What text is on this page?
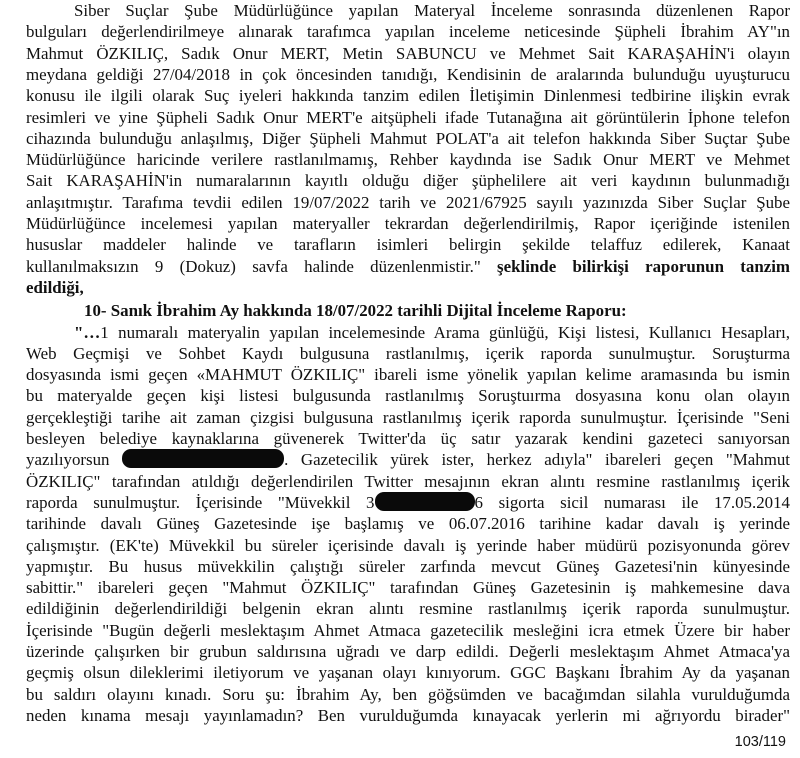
Siber Suçlar Şube Müdürlüğünce yapılan Materyal İnceleme sonrasında düzenlenen Rapor
bulguları değerlendirilmeye alınarak tarafımca yapılan inceleme neticesinde Şüpheli İbrahim AY"ın
Mahmut ÖZKILIÇ, Sadık Onur MERT, Metin SABUNCU ve Mehmet Sait KARAŞAHİN'i olayın
meydana geldiği 27/04/2018 in çok öncesinden tanıdığı, Kendisinin de aralarında bulunduğu uyuşturucu
konusu ile ilgili olarak Suç iyeleri hakkında tanzim edilen İletişimin Dinlenmesi tedbirine ilişkin evrak
resimleri ve yine Şüpheli Sadık Onur MERT'e aitşüpheli ifade Tutanağına ait görüntülerin İphone telefon
cihazında bulunduğu anlaşılmış, Diğer Şüpheli Mahmut POLAT'a ait telefon hakkında Siber Suçtar Şube
Müdürlüğünce haricinde verilere rastlanılmamış, Rehber kaydında ise Sadık Onur MERT ve Mehmet
Sait KARAŞAHİN'in numaralarının kayıtlı olduğu diğer şüphelilere ait veri kaydının bulunmadığı
anlaşıtmıştır. Tarafıma tevdii edilen 19/07/2022 tarih ve 2021/67925 sayılı yazınızda Siber Suçlar Şube
Müdürlüğünce incelemesi yapılan materyaller tekrardan değerlendirilmiş, Rapor içeriğinde istenilen
hususlar maddeler halinde ve tarafların isimleri belirgin şekilde telaffuz edilerek, Kanaat
kullanılmaksızın 9 (Dokuz) savfa halinde düzenlenmistir." şeklinde bilirkişi raporunun tanzim
edildiği,
10- Sanık İbrahim Ay hakkında 18/07/2022 tarihli Dijital İnceleme Raporu:
"…1 numaralı materyalin yapılan incelemesinde Arama günlüğü, Kişi listesi, Kullanıcı Hesapları,
Web Geçmişi ve Sohbet Kaydı bulgusuna rastlanılmış, içerik raporda sunulmuştur. Soruşturma
dosyasında ismi geçen «MAHMUT ÖZKILIÇ" ibareli isme yönelik yapılan kelime aramasında bu ismin
bu materyalde geçen kişi listesi bulgusunda rastlanılmış Soruştuırma dosyasına konu olan olayın
gerçekleştiği tarihe ait zaman çizgisi bulgusuna rastlanılmış içerik raporda sunulmuştur. İçerisinde "Seni
besleyen belediye kaynaklarına güvenerek Twitter'da üç satır yazarak kendini gazeteci sanıyorsan
yazılıyorsun	. Gazetecilik yürek ister, herkez adıyla" ibareleri geçen "Mahmut
ÖZKILIÇ" tarafından atıldığı değerlendirilen Twitter mesajının ekran alıntı resmine rastlanılmış içerik
raporda sunulmuştur. İçerisinde "Müvekkil 3	6 sigorta sicil numarası ile 17.05.2014
tarihinde davalı Güneş Gazetesinde işe başlamış ve 06.07.2016 tarihine kadar davalı iş yerinde
çalışmıştır. (EK'te) Müvekkil bu süreler içerisinde davalı iş yerinde haber müdürü pozisyonunda görev
yapmıştır. Bu husus müvekkilin çalıştığı süreler zarfında mevcut Güneş Gazetesi'nin künyesinde
sabittir." ibareleri geçen "Mahmut ÖZKILIÇ" tarafından Güneş Gazetesinin iş mahkemesine dava
edildiğinin değerlendirildiği belgenin ekran alıntı resmine rastlanılmış içerik raporda sunulmuştur.
İçerisinde "Bugün değerli meslektaşım Ahmet Atmaca gazetecilik mesleğini icra etmek Üzere bir haber
üzerinde çalışırken bir grubun saldırısına uğradı ve darp edildi. Değerli meslektaşım Ahmet Atmaca'ya
geçmiş olsun dileklerimi iletiyorum ve yaşanan olayı kınıyorum. GGC Başkanı İbrahim Ay da yaşanan
bu saldırı olayını kınadı. Soru şu: İbrahim Ay, ben göğsümden ve bacağımdan silahla vurulduğumda
neden kınama mesajı yayınlamadın? Ben vurulduğumda kınayacak yerlerin mi ağrıyordu birader"
103/119
